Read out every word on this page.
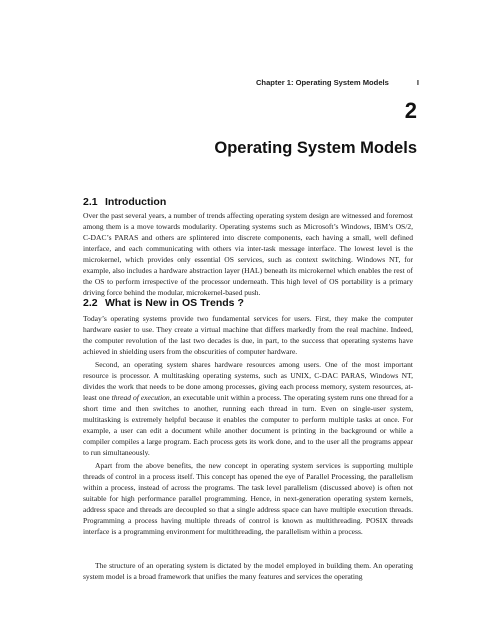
Chapter 1: Operating System Models	I
2
Operating System Models
2.1 Introduction

Over the past several years, a number of trends affecting operating system design are witnessed and foremost among them is a move towards modularity. Operating systems such as Microsoft’s Windows, IBM’s OS/2, C-DAC’s PARAS and others are splintered into discrete components, each having a small, well defined interface, and each communicating with others via inter-task message interface. The lowest level is the microkernel, which provides only essential OS services, such as context switching. Windows NT, for example, also includes a hardware abstraction layer (HAL) beneath its microkernel which enables the rest of the OS to perform irrespective of the processor underneath. This high level of OS portability is a primary driving force behind the modular, microkernel-based push.

2.2 What is New in OS Trends ?

Today’s operating systems provide two fundamental services for users. First, they make the computer hardware easier to use. They create a virtual machine that differs markedly from the real machine. Indeed, the computer revolution of the last two decades is due, in part, to the success that operating systems have achieved in shielding users from the obscurities of computer hardware.

Second, an operating system shares hardware resources among users. One of the most important resource is processor. A multitasking operating systems, such as UNIX, C-DAC PARAS, Windows NT, divides the work that needs to be done among processes, giving each process memory, system resources, at-least one thread of execution, an executable unit within a process. The operating system runs one thread for a short time and then switches to another, running each thread in turn. Even on single-user system, multitasking is extremely helpful because it enables the computer to perform multiple tasks at once. For example, a user can edit a document while another document is printing in the background or while a compiler compiles a large program. Each process gets its work done, and to the user all the programs appear to run simultaneously.

Apart from the above benefits, the new concept in operating system services is supporting multiple threads of control in a process itself. This concept has opened the eye of Parallel Processing, the parallelism within a process, instead of across the programs. The task level parallelism (discussed above) is often not suitable for high performance parallel programming. Hence, in next-generation operating system kernels, address space and threads are decoupled so that a single address space can have multiple execution threads. Programming a process having multiple threads of control is known as multithreading. POSIX threads interface is a programming environment for multithreading, the parallelism within a process.

The structure of an operating system is dictated by the model employed in building them. An operating system model is a broad framework that unifies the many features and services the operating
